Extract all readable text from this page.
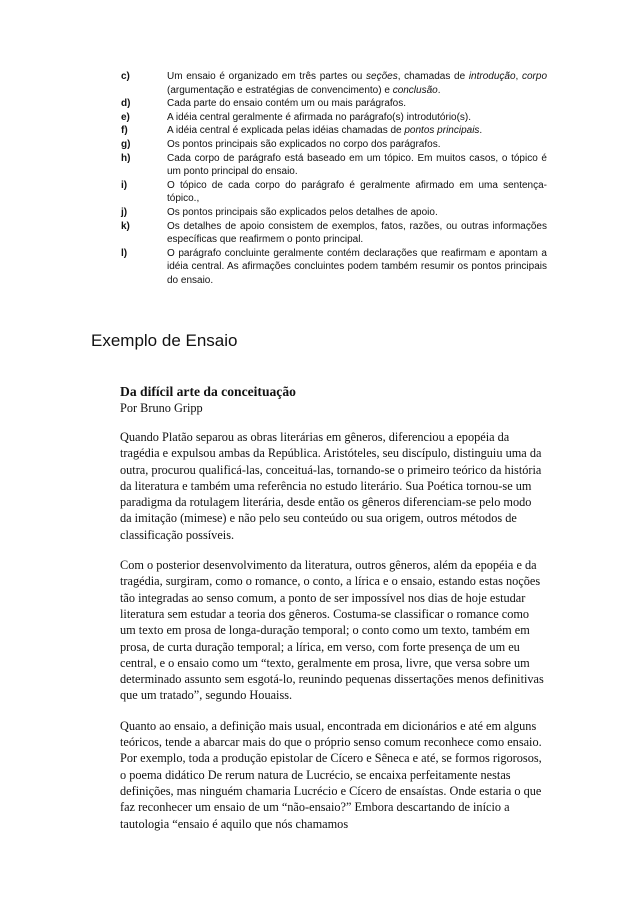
c)	Um ensaio é organizado em três partes ou seções, chamadas de introdução, corpo (argumentação e estratégias de convencimento) e conclusão.
d)	Cada parte do ensaio contém um ou mais parágrafos.
e)	A idéia central geralmente é afirmada no parágrafo(s) introdutório(s).
f)	A idéia central é explicada pelas idéias chamadas de pontos principais.
g)	Os pontos principais são explicados no corpo dos parágrafos.
h)	Cada corpo de parágrafo está baseado em um tópico. Em muitos casos, o tópico é um ponto principal do ensaio.
i)	O tópico de cada corpo do parágrafo é geralmente afirmado em uma sentença-tópico.,
j)	Os pontos principais são explicados pelos detalhes de apoio.
k)	Os detalhes de apoio consistem de exemplos, fatos, razões, ou outras informações específicas que reafirmem o ponto principal.
l)	O parágrafo concluinte geralmente contém declarações que reafirmam e apontam a idéia central. As afirmações concluintes podem também resumir os pontos principais do ensaio.
Exemplo de Ensaio

Da difícil arte da conceituação

Por Bruno Gripp

Quando Platão separou as obras literárias em gêneros, diferenciou a epopéia da tragédia e expulsou ambas da República. Aristóteles, seu discípulo, distinguiu uma da outra, procurou qualificá-las, conceituá-las, tornando-se o primeiro teórico da história da literatura e também uma referência no estudo literário. Sua Poética tornou-se um paradigma da rotulagem literária, desde então os gêneros diferenciam-se pelo modo da imitação (mimese) e não pelo seu conteúdo ou sua origem, outros métodos de classificação possíveis.

Com o posterior desenvolvimento da literatura, outros gêneros, além da epopéia e da tragédia, surgiram, como o romance, o conto, a lírica e o ensaio, estando estas noções tão integradas ao senso comum, a ponto de ser impossível nos dias de hoje estudar literatura sem estudar a teoria dos gêneros. Costuma-se classificar o romance como um texto em prosa de longa-duração temporal; o conto como um texto, também em prosa, de curta duração temporal; a lírica, em verso, com forte presença de um eu central, e o ensaio como um “texto, geralmente em prosa, livre, que versa sobre um determinado assunto sem esgotá-lo, reunindo pequenas dissertações menos definitivas que um tratado”, segundo Houaiss.

Quanto ao ensaio, a definição mais usual, encontrada em dicionários e até em alguns teóricos, tende a abarcar mais do que o próprio senso comum reconhece como ensaio. Por exemplo, toda a produção epistolar de Cícero e Sêneca e até, se formos rigorosos, o poema didático De rerum natura de Lucrécio, se encaixa perfeitamente nestas definições, mas ninguém chamaria Lucrécio e Cícero de ensaístas. Onde estaria o que faz reconhecer um ensaio de um “não-ensaio?” Embora descartando de início a tautologia “ensaio é aquilo que nós chamamos
